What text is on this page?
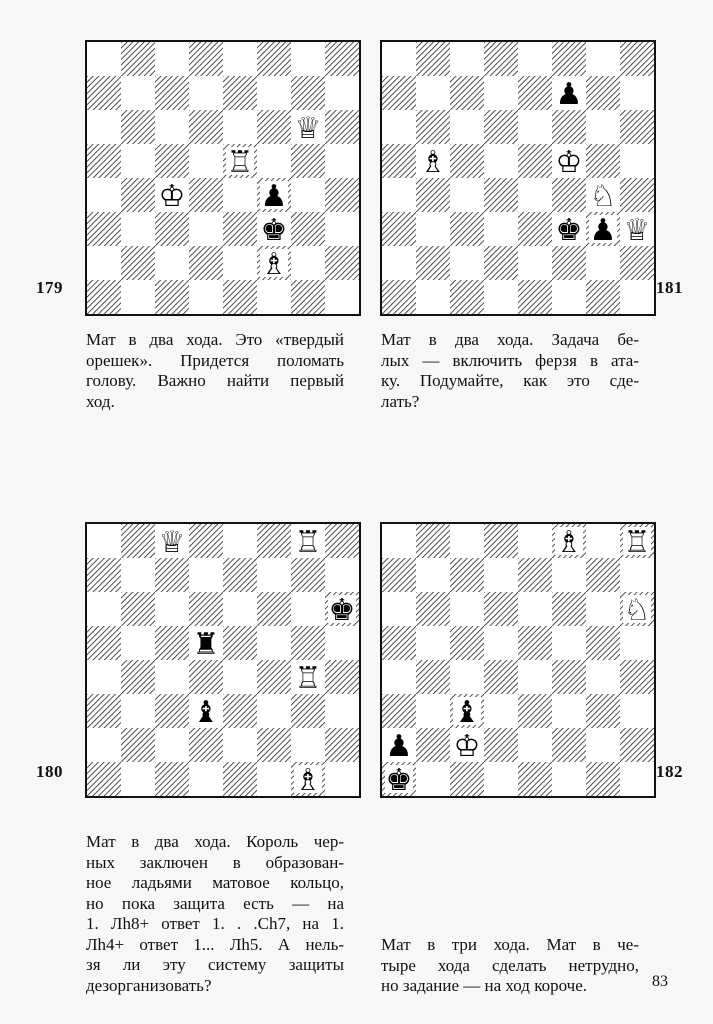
♕
♖
♔	♟
♚
♗
179
♟
♗	♔
♘
♚ ♟ ♕
181
Мат в два хода. Это «твердый
орешек». Придется поломать
голову. Важно найти первый
ход.
Мат в два хода. Задача бе-
лых — включить ферзя в ата-
ку. Подумайте, как это сде-
лать?
♕	♖
♚
♜
♖
♝
♗
180
♗ ♖
♘
♝
♟ ♔
♚	182
Мат в два хода. Король чер-
ных заключен в образован-
ное ладьями матовое кольцо,
но пока защита есть — на
1. Лh8+ ответ 1. . .Сh7, на 1.
Лh4+ ответ 1... Лh5. А нель-
зя ли эту систему защиты
дезорганизовать?
Мат в три хода. Мат в че-
тыре хода сделать нетрудно,
но задание — на ход короче.	83
